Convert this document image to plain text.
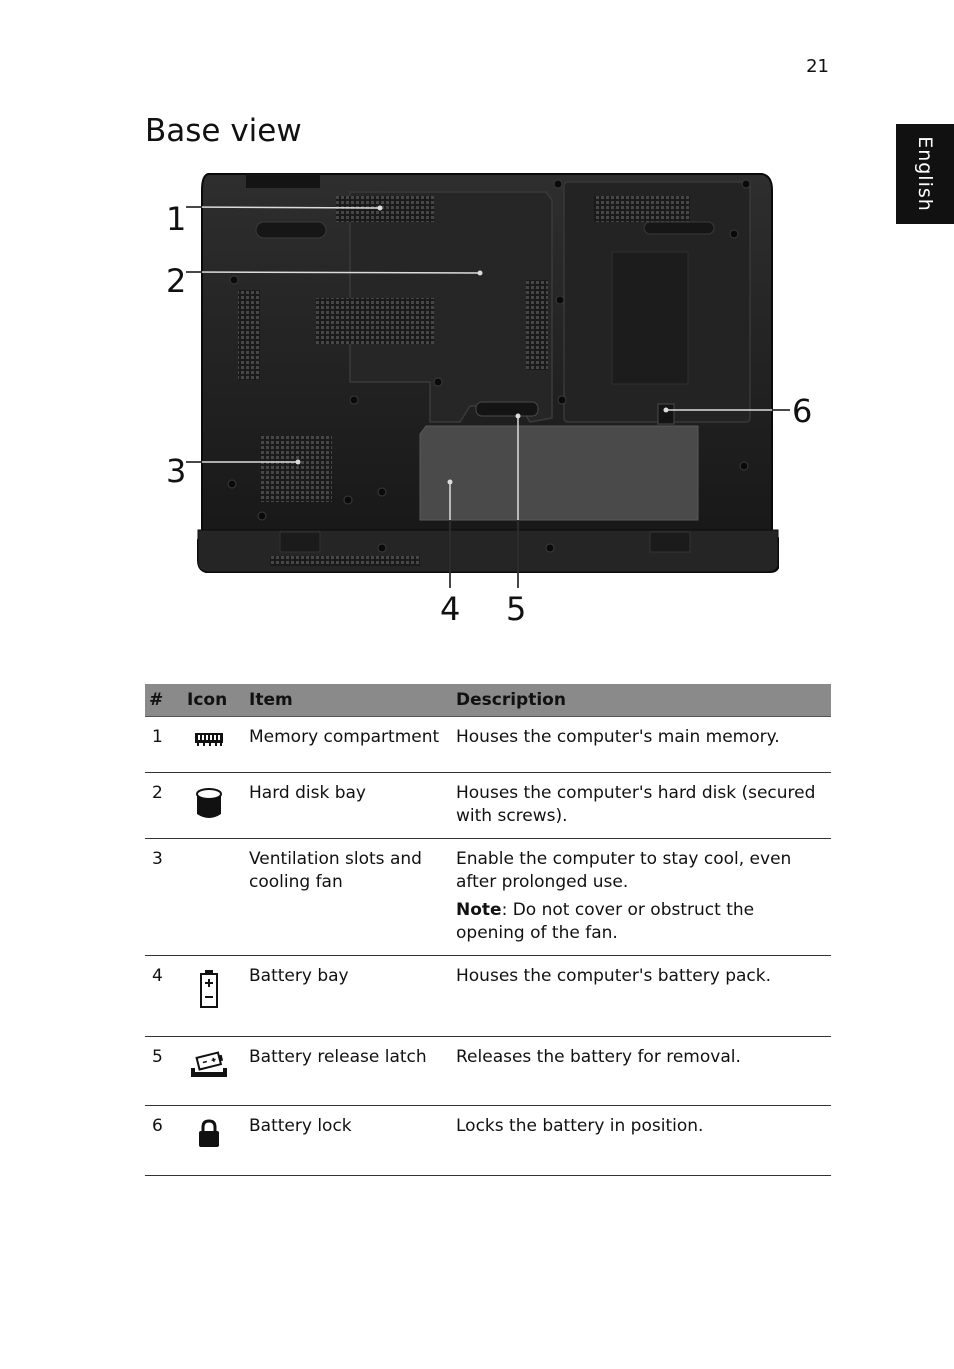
21
English
Base view
1
2
3
4 5
6
#	Icon	Item	Description
1		Memory compartment	Houses the computer's main memory.
2		Hard disk bay	Houses the computer's hard disk (secured with screws).
3		Ventilation slots and cooling fan	Enable the computer to stay cool, even after prolonged use.

Note: Do not cover or obstruct the opening of the fan.

4		Battery bay	Houses the computer's battery pack.
5		Battery release latch	Releases the battery for removal.
6		Battery lock	Locks the battery in position.
